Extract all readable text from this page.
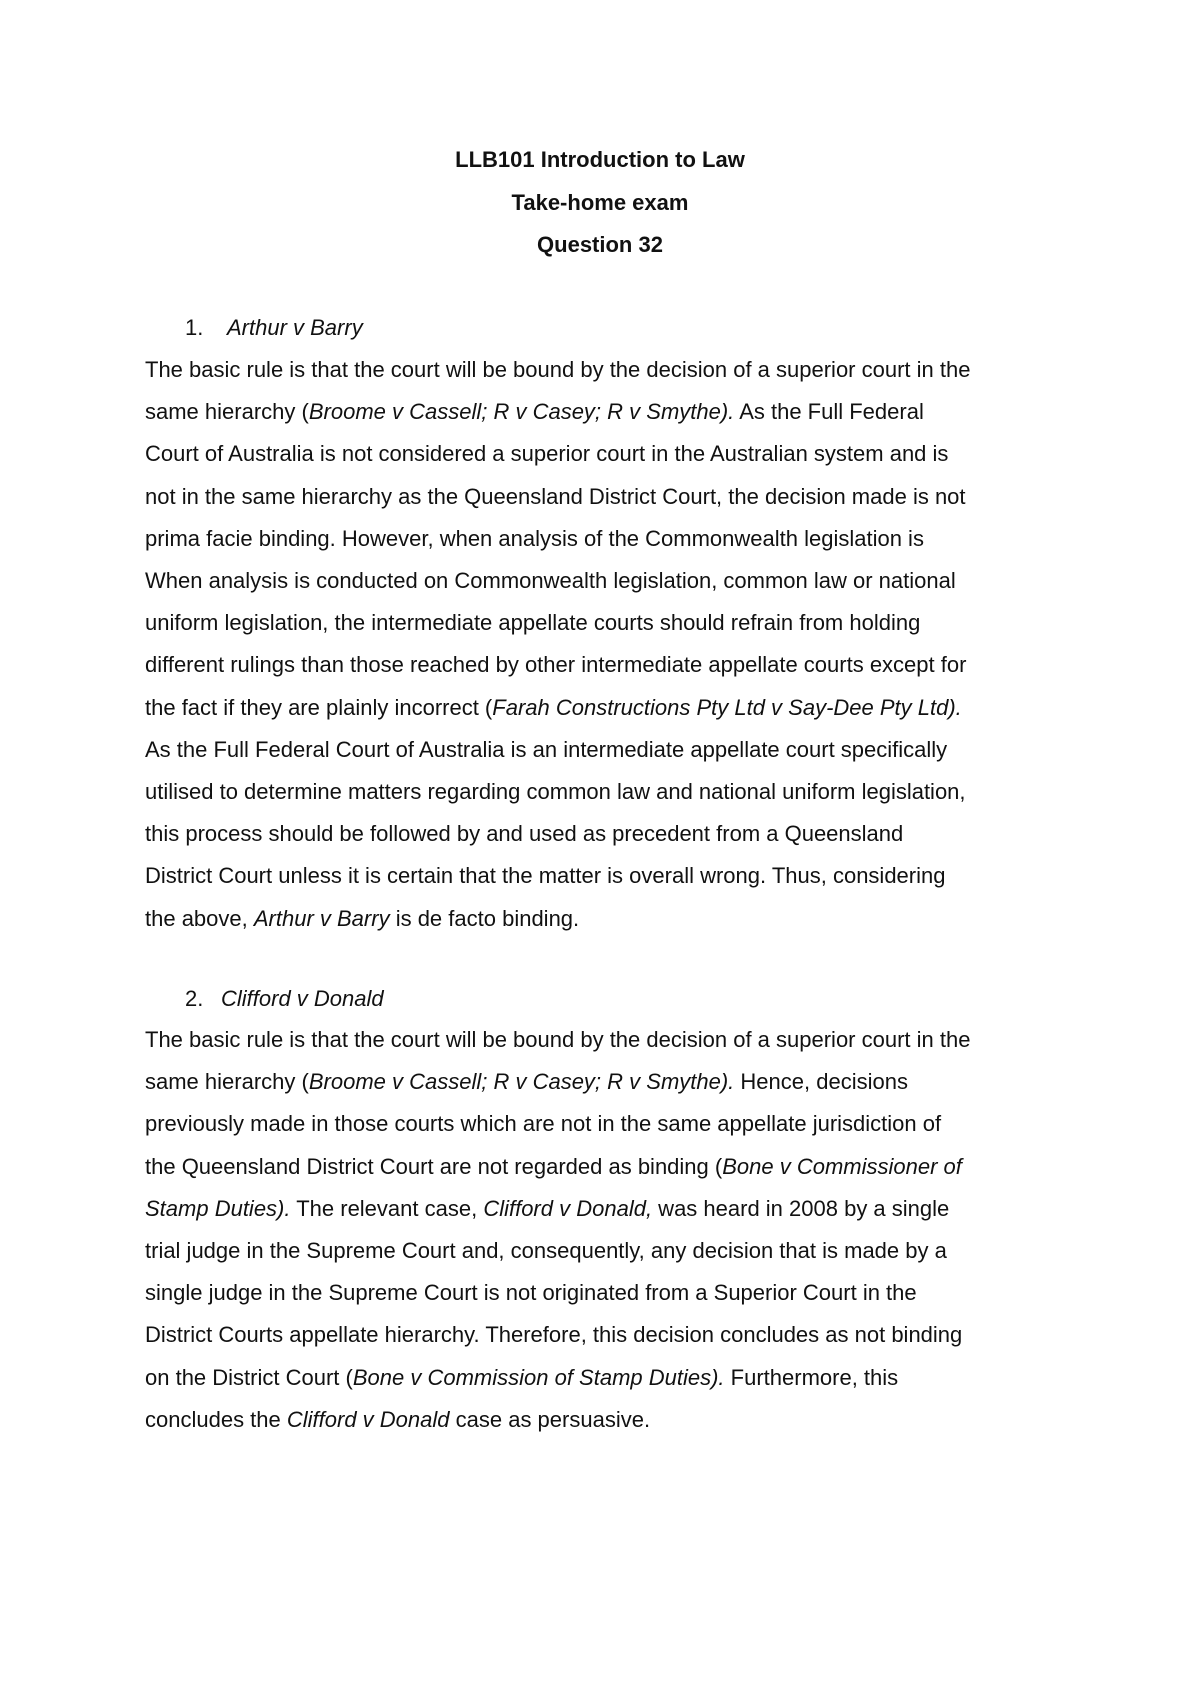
LLB101 Introduction to Law
Take-home exam
Question 32
1. Arthur v Barry
The basic rule is that the court will be bound by the decision of a superior court in the
same hierarchy (Broome v Cassell; R v Casey; R v Smythe). As the Full Federal
Court of Australia is not considered a superior court in the Australian system and is
not in the same hierarchy as the Queensland District Court, the decision made is not
prima facie binding. However, when analysis of the Commonwealth legislation is
When analysis is conducted on Commonwealth legislation, common law or national
uniform legislation, the intermediate appellate courts should refrain from holding
different rulings than those reached by other intermediate appellate courts except for
the fact if they are plainly incorrect (Farah Constructions Pty Ltd v Say-Dee Pty Ltd).
As the Full Federal Court of Australia is an intermediate appellate court specifically
utilised to determine matters regarding common law and national uniform legislation,
this process should be followed by and used as precedent from a Queensland
District Court unless it is certain that the matter is overall wrong. Thus, considering
the above, Arthur v Barry is de facto binding.
2. Clifford v Donald
The basic rule is that the court will be bound by the decision of a superior court in the
same hierarchy (Broome v Cassell; R v Casey; R v Smythe). Hence, decisions
previously made in those courts which are not in the same appellate jurisdiction of
the Queensland District Court are not regarded as binding (Bone v Commissioner of
Stamp Duties). The relevant case, Clifford v Donald, was heard in 2008 by a single
trial judge in the Supreme Court and, consequently, any decision that is made by a
single judge in the Supreme Court is not originated from a Superior Court in the
District Courts appellate hierarchy. Therefore, this decision concludes as not binding
on the District Court (Bone v Commission of Stamp Duties). Furthermore, this
concludes the Clifford v Donald case as persuasive.
